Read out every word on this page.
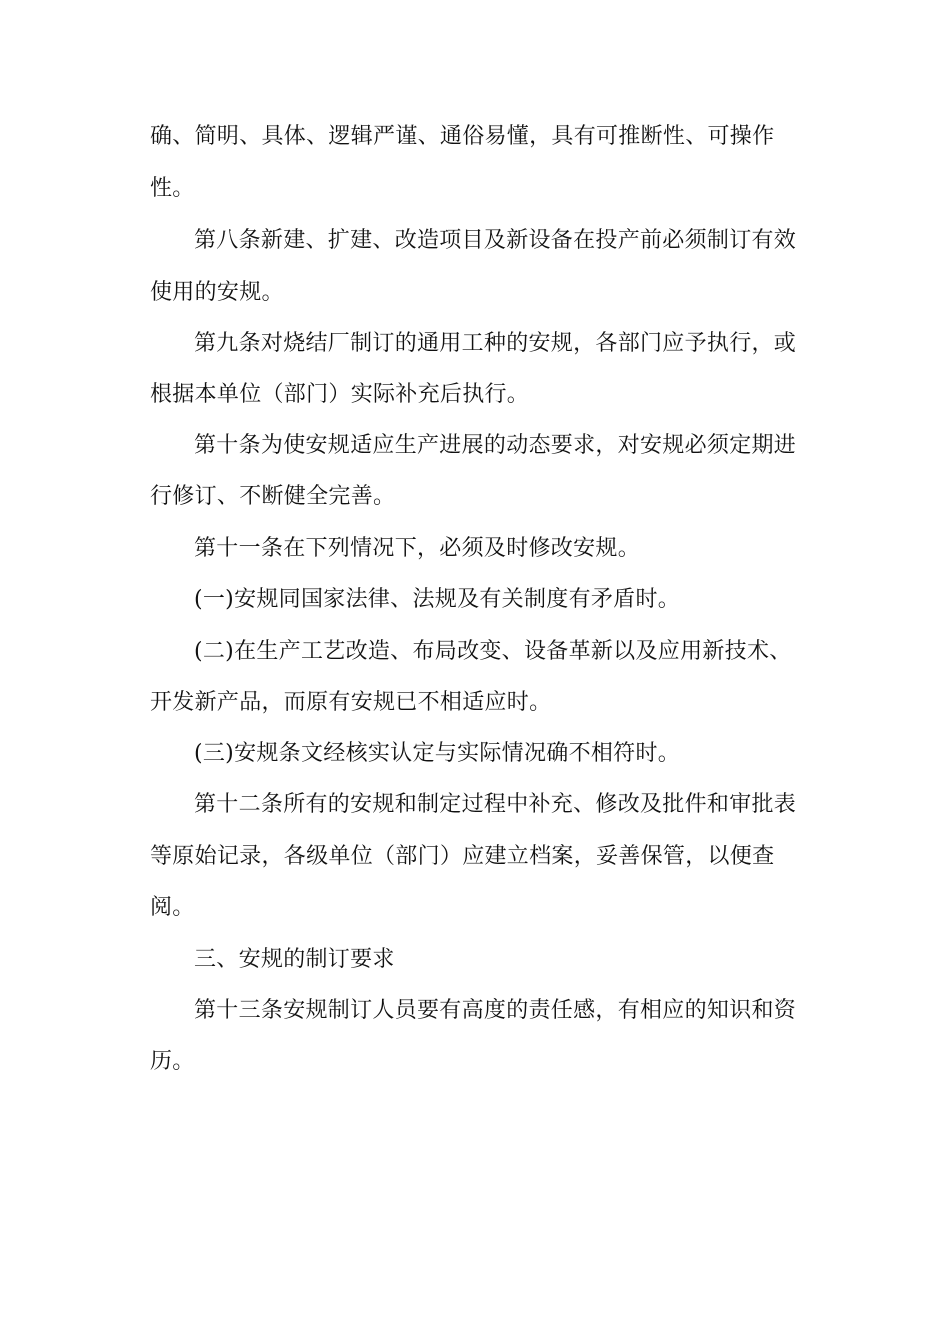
确、简明、具体、逻辑严谨、通俗易懂，具有可推断性、可操作
性。
第八条新建、扩建、改造项目及新设备在投产前必须制订有效
使用的安规。
第九条对烧结厂制订的通用工种的安规，各部门应予执行，或
根据本单位（部门）实际补充后执行。
第十条为使安规适应生产进展的动态要求，对安规必须定期进
行修订、不断健全完善。
第十一条在下列情况下，必须及时修改安规。
(一)安规同国家法律、法规及有关制度有矛盾时。
(二)在生产工艺改造、布局改变、设备革新以及应用新技术、
开发新产品，而原有安规已不相适应时。
(三)安规条文经核实认定与实际情况确不相符时。
第十二条所有的安规和制定过程中补充、修改及批件和审批表
等原始记录，各级单位（部门）应建立档案，妥善保管，以便查
阅。
三、安规的制订要求
第十三条安规制订人员要有高度的责任感，有相应的知识和资
历。
